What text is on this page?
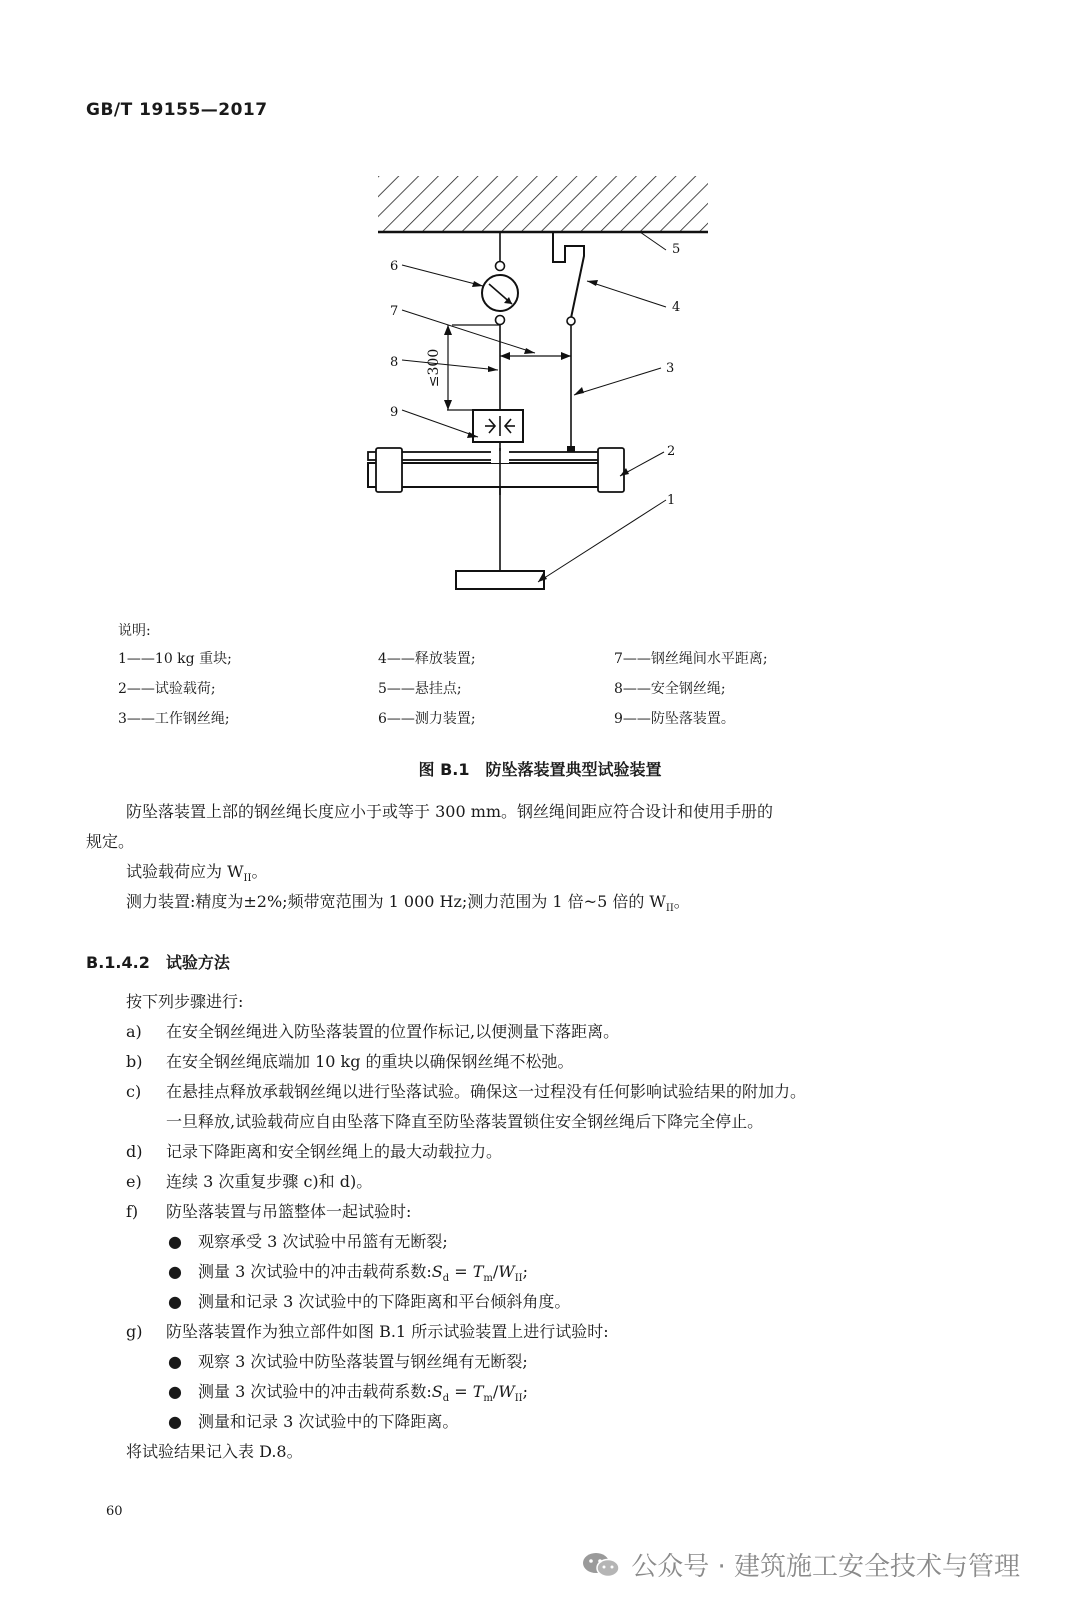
GB/T 19155—2017
6
7
8
9
5
4
3
2
1
≤300
说明:
1——10 kg 重块;
2——试验载荷;
3——工作钢丝绳;
4——释放装置;
5——悬挂点;
6——测力装置;
7——钢丝绳间水平距离;
8——安全钢丝绳;
9——防坠落装置。
图 B.1　防坠落装置典型试验装置
防坠落装置上部的钢丝绳长度应小于或等于 300 mm。钢丝绳间距应符合设计和使用手册的
规定。
试验载荷应为 $W_{II}$。
测力装置:精度为±2%;频带宽范围为 1 000 Hz;测力范围为 1 倍~5 倍的 $W_{II}$。
B.1.4.2　试验方法
按下列步骤进行:
a) 在安全钢丝绳进入防坠落装置的位置作标记,以便测量下落距离。
b) 在安全钢丝绳底端加 10 kg 的重块以确保钢丝绳不松弛。
c) 在悬挂点释放承载钢丝绳以进行坠落试验。确保这一过程没有任何影响试验结果的附加力。
一旦释放,试验载荷应自由坠落下降直至防坠落装置锁住安全钢丝绳后下降完全停止。
d) 记录下降距离和安全钢丝绳上的最大动载拉力。
e) 连续 3 次重复步骤 c)和 d)。
f) 防坠落装置与吊篮整体一起试验时:
● 观察承受 3 次试验中吊篮有无断裂;
● 测量 3 次试验中的冲击载荷系数$:S_d = T_m/W_{II}$;
● 测量和记录 3 次试验中的下降距离和平台倾斜角度。
g) 防坠落装置作为独立部件如图 B.1 所示试验装置上进行试验时:
● 观察 3 次试验中防坠落装置与钢丝绳有无断裂;
● 测量 3 次试验中的冲击载荷系数$:S_d = T_m/W_{II}$;
● 测量和记录 3 次试验中的下降距离。
将试验结果记入表 D.8。
60
公众号 · 建筑施工安全技术与管理
